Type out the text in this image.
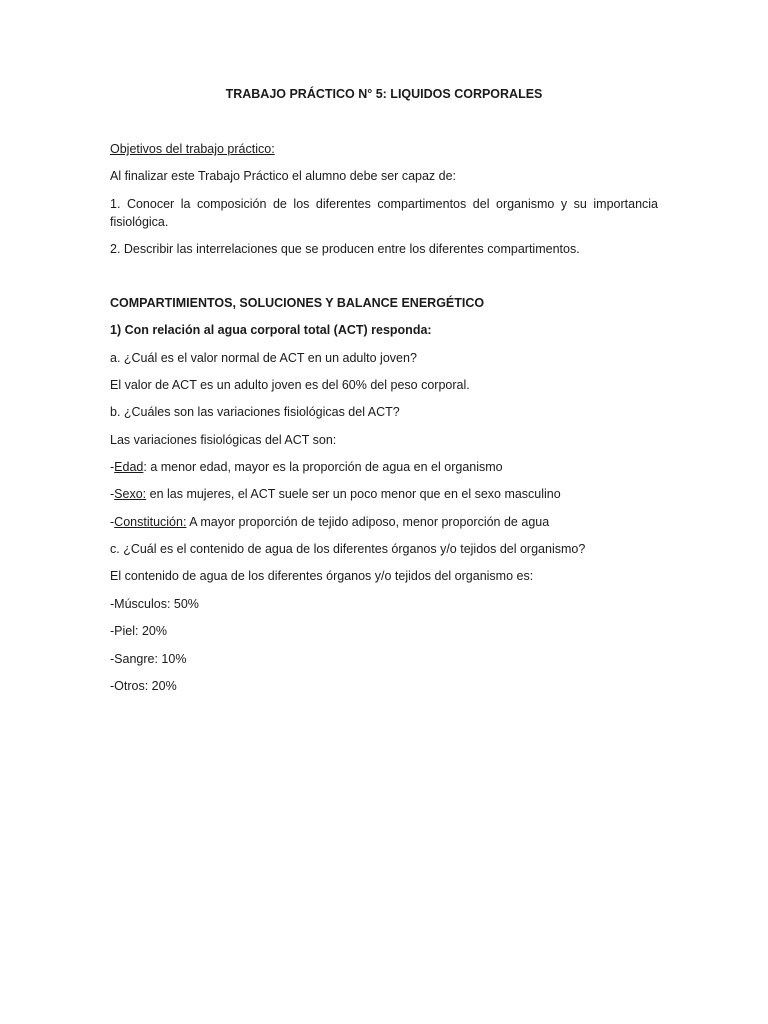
TRABAJO PRÁCTICO N° 5: LIQUIDOS CORPORALES

Objetivos del trabajo práctico:

Al finalizar este Trabajo Práctico el alumno debe ser capaz de:

1. Conocer la composición de los diferentes compartimentos del organismo y su importancia fisiológica.

2. Describir las interrelaciones que se producen entre los diferentes compartimentos.

COMPARTIMIENTOS, SOLUCIONES Y BALANCE ENERGÉTICO

1) Con relación al agua corporal total (ACT) responda:

a. ¿Cuál es el valor normal de ACT en un adulto joven?

El valor de ACT es un adulto joven es del 60% del peso corporal.

b. ¿Cuáles son las variaciones fisiológicas del ACT?

Las variaciones fisiológicas del ACT son:

-Edad: a menor edad, mayor es la proporción de agua en el organismo

-Sexo: en las mujeres, el ACT suele ser un poco menor que en el sexo masculino

-Constitución: A mayor proporción de tejido adiposo, menor proporción de agua

c. ¿Cuál es el contenido de agua de los diferentes órganos y/o tejidos del organismo?

El contenido de agua de los diferentes órganos y/o tejidos del organismo es:

-Músculos: 50%

-Piel: 20%

-Sangre: 10%

-Otros: 20%
